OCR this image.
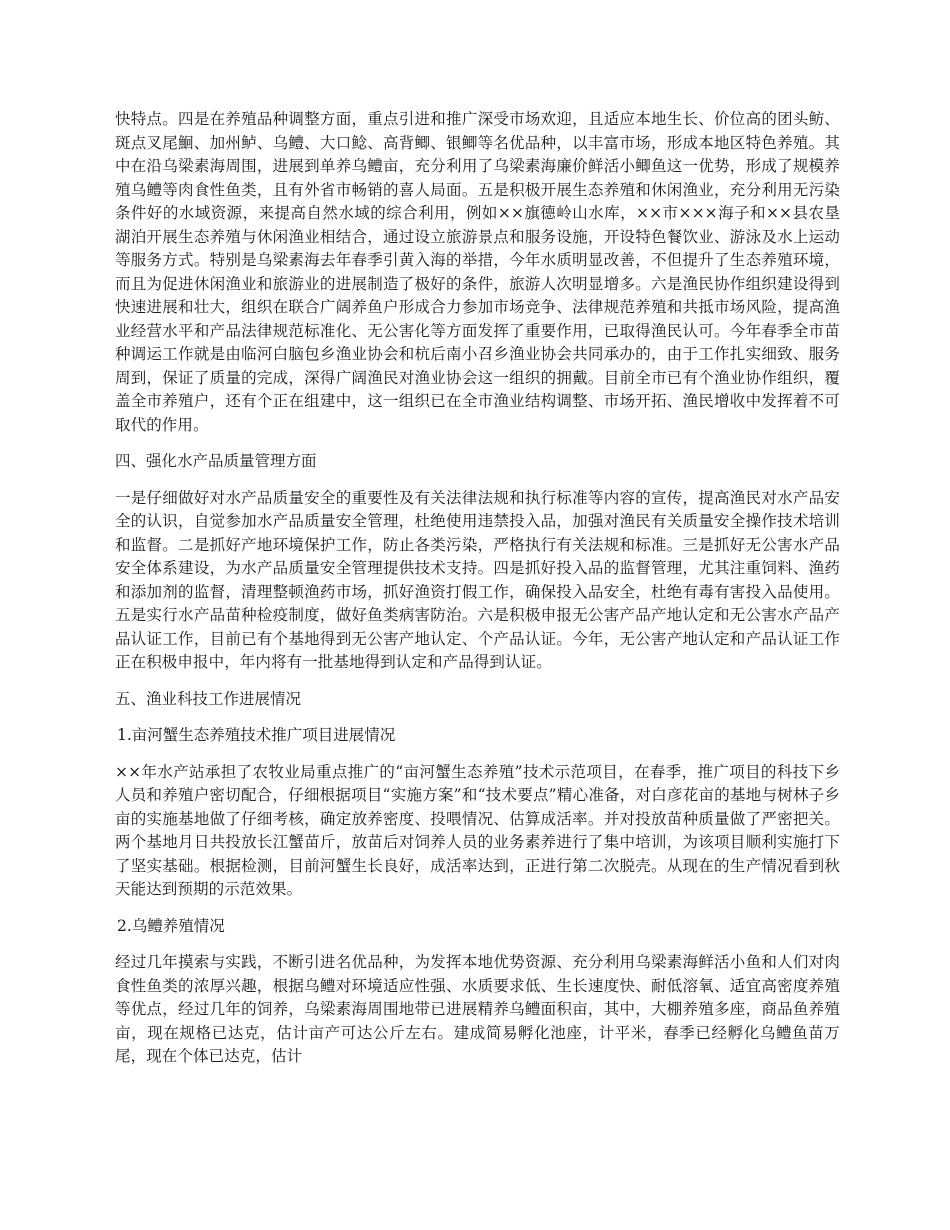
快特点。四是在养殖品种调整方面，重点引进和推广深受市场欢迎，且适应本地生长、价位高的团头鲂、斑点叉尾鮰、加州鲈、乌鳢、大口鲶、高背鲫、银鲫等名优品种，以丰富市场，形成本地区特色养殖。其中在沿乌梁素海周围，进展到单养乌鳢亩，充分利用了乌梁素海廉价鲜活小鲫鱼这一优势，形成了规模养殖乌鳢等肉食性鱼类，且有外省市畅销的喜人局面。五是积极开展生态养殖和休闲渔业，充分利用无污染条件好的水域资源，来提高自然水域的综合利用，例如××旗德岭山水库，××市×××海子和××县农垦湖泊开展生态养殖与休闲渔业相结合，通过设立旅游景点和服务设施，开设特色餐饮业、游泳及水上运动等服务方式。特别是乌梁素海去年春季引黄入海的举措，今年水质明显改善，不但提升了生态养殖环境，而且为促进休闲渔业和旅游业的进展制造了极好的条件，旅游人次明显增多。六是渔民协作组织建设得到快速进展和壮大，组织在联合广阔养鱼户形成合力参加市场竞争、法律规范养殖和共抵市场风险，提高渔业经营水平和产品法律规范标准化、无公害化等方面发挥了重要作用，已取得渔民认可。今年春季全市苗种调运工作就是由临河白脑包乡渔业协会和杭后南小召乡渔业协会共同承办的，由于工作扎实细致、服务周到，保证了质量的完成，深得广阔渔民对渔业协会这一组织的拥戴。目前全市已有个渔业协作组织，覆盖全市养殖户，还有个正在组建中，这一组织已在全市渔业结构调整、市场开拓、渔民增收中发挥着不可取代的作用。

四、强化水产品质量管理方面

一是仔细做好对水产品质量安全的重要性及有关法律法规和执行标准等内容的宣传，提高渔民对水产品安全的认识，自觉参加水产品质量安全管理，杜绝使用违禁投入品，加强对渔民有关质量安全操作技术培训和监督。二是抓好产地环境保护工作，防止各类污染，严格执行有关法规和标准。三是抓好无公害水产品安全体系建设，为水产品质量安全管理提供技术支持。四是抓好投入品的监督管理，尤其注重饲料、渔药和添加剂的监督，清理整顿渔药市场，抓好渔资打假工作，确保投入品安全，杜绝有毒有害投入品使用。五是实行水产品苗种检疫制度，做好鱼类病害防治。六是积极申报无公害产品产地认定和无公害水产品产品认证工作，目前已有个基地得到无公害产地认定、个产品认证。今年，无公害产地认定和产品认证工作正在积极申报中，年内将有一批基地得到认定和产品得到认证。

五、渔业科技工作进展情况

1.亩河蟹生态养殖技术推广项目进展情况

××年水产站承担了农牧业局重点推广的“亩河蟹生态养殖”技术示范项目，在春季，推广项目的科技下乡人员和养殖户密切配合，仔细根据项目“实施方案”和“技术要点”精心准备，对白彦花亩的基地与树林子乡亩的实施基地做了仔细考核，确定放养密度、投喂情况、估算成活率。并对投放苗种质量做了严密把关。两个基地月日共投放长江蟹苗斤，放苗后对饲养人员的业务素养进行了集中培训，为该项目顺利实施打下了坚实基础。根据检测，目前河蟹生长良好，成活率达到，正进行第二次脱壳。从现在的生产情况看到秋天能达到预期的示范效果。

2.乌鳢养殖情况

经过几年摸索与实践，不断引进名优品种，为发挥本地优势资源、充分利用乌梁素海鲜活小鱼和人们对肉食性鱼类的浓厚兴趣，根据乌鳢对环境适应性强、水质要求低、生长速度快、耐低溶氧、适宜高密度养殖等优点，经过几年的饲养，乌梁素海周围地带已进展精养乌鳢面积亩，其中，大棚养殖多座，商品鱼养殖亩，现在规格已达克，估计亩产可达公斤左右。建成简易孵化池座，计平米，春季已经孵化乌鳢鱼苗万尾，现在个体已达克，估计
